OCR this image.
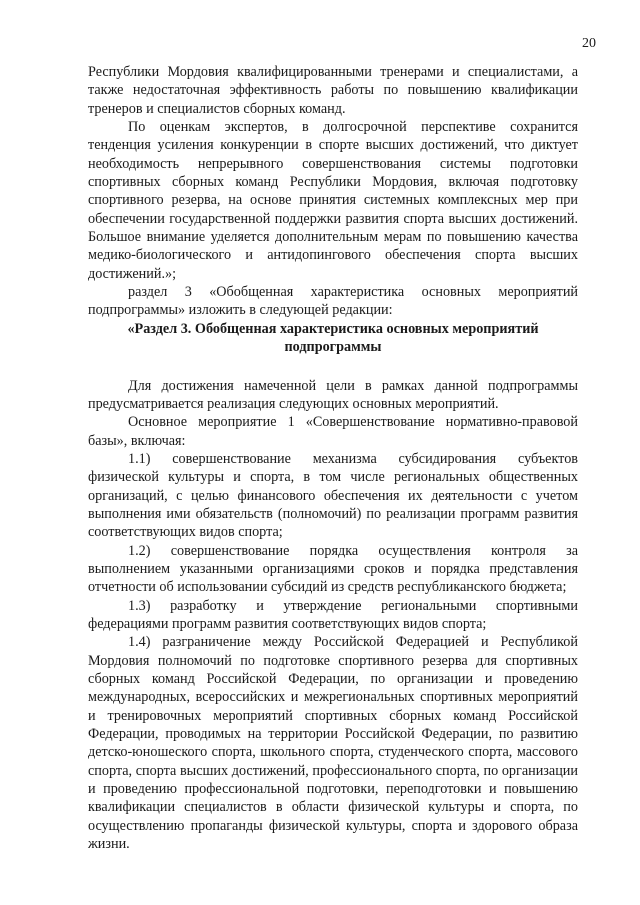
20

Республики Мордовия квалифицированными тренерами и специалистами, а также недостаточная эффективность работы по повышению квалификации тренеров и специалистов сборных команд.

По оценкам экспертов, в долгосрочной перспективе сохранится тенденция усиления конкуренции в спорте высших достижений, что диктует необходимость непрерывного совершенствования системы подготовки спортивных сборных команд Республики Мордовия, включая подготовку спортивного резерва, на основе принятия системных комплексных мер при обеспечении государственной поддержки развития спорта высших достижений. Большое внимание уделяется дополнительным мерам по повышению качества медико-биологического и антидопингового обеспечения спорта высших достижений.»;

раздел 3 «Обобщенная характеристика основных мероприятий подпрограммы» изложить в следующей редакции:

«Раздел 3. Обобщенная характеристика основных мероприятий подпрограммы

Для достижения намеченной цели в рамках данной подпрограммы предусматривается реализация следующих основных мероприятий.

Основное мероприятие 1 «Совершенствование нормативно-правовой базы», включая:

1.1) совершенствование механизма субсидирования субъектов физической культуры и спорта, в том числе региональных общественных организаций, с целью финансового обеспечения их деятельности с учетом выполнения ими обязательств (полномочий) по реализации программ развития соответствующих видов спорта;

1.2) совершенствование порядка осуществления контроля за выполнением указанными организациями сроков и порядка представления отчетности об использовании субсидий из средств республиканского бюджета;

1.3) разработку и утверждение региональными спортивными федерациями программ развития соответствующих видов спорта;

1.4) разграничение между Российской Федерацией и Республикой Мордовия полномочий по подготовке спортивного резерва для спортивных сборных команд Российской Федерации, по организации и проведению международных, всероссийских и межрегиональных спортивных мероприятий и тренировочных мероприятий спортивных сборных команд Российской Федерации, проводимых на территории Российской Федерации, по развитию детско-юношеского спорта, школьного спорта, студенческого спорта, массового спорта, спорта высших достижений, профессионального спорта, по организации и проведению профессиональной подготовки, переподготовки и повышению квалификации специалистов в области физической культуры и спорта, по осуществлению пропаганды физической культуры, спорта и здорового образа жизни.
